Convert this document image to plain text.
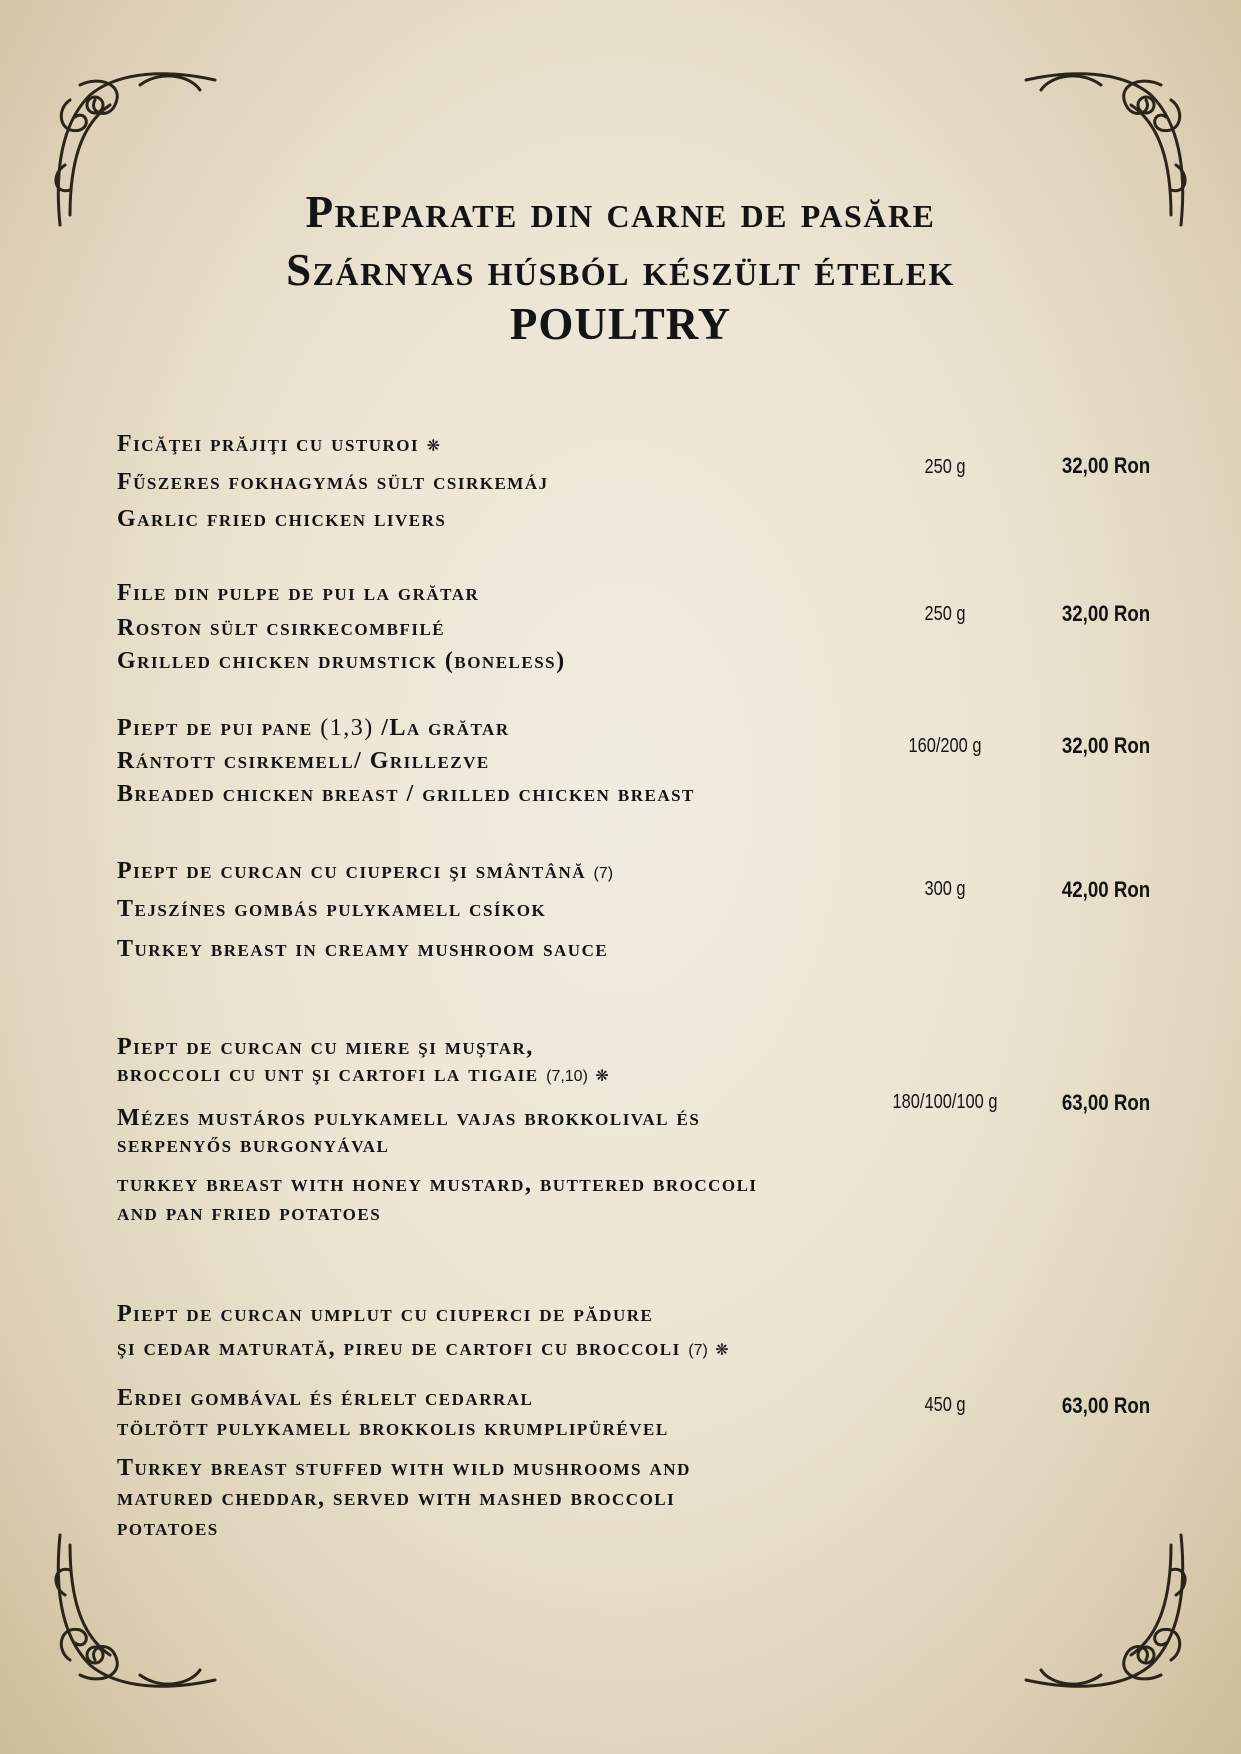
Preparate din carne de pasăre
Szárnyas húsból készült ételek
POULTRY

Ficăţei prăjiţi cu usturoi ❋

Fűszeres fokhagymás sült csirkemáj

Garlic fried chicken livers

250 g	32,00 Ron

File din pulpe de pui la grătar

Roston sült csirkecombfilé

Grilled chicken drumstick (boneless)

250 g	32,00 Ron

Piept de pui pane (1,3) /La grătar

Rántott csirkemell/ Grillezve

Breaded chicken breast / grilled chicken breast

160/200 g	32,00 Ron

Piept de curcan cu ciuperci şi smântână (7)

Tejszínes gombás pulykamell csíkok

Turkey breast in creamy mushroom sauce

300 g	42,00 Ron

Piept de curcan cu miere şi muştar,

broccoli cu unt şi cartofi la tigaie (7,10) ❋

Mézes mustáros pulykamell vajas brokkolival és

serpenyős burgonyával

turkey breast with honey mustard, buttered broccoli

and pan fried potatoes

180/100/100 g	63,00 Ron

Piept de curcan umplut cu ciuperci de pădure

şi cedar maturată, pireu de cartofi cu broccoli (7) ❋

Erdei gombával és érlelt cedarral

töltött pulykamell brokkolis krumplipürével

Turkey breast stuffed with wild mushrooms and

matured cheddar, served with mashed broccoli

potatoes

450 g	63,00 Ron
